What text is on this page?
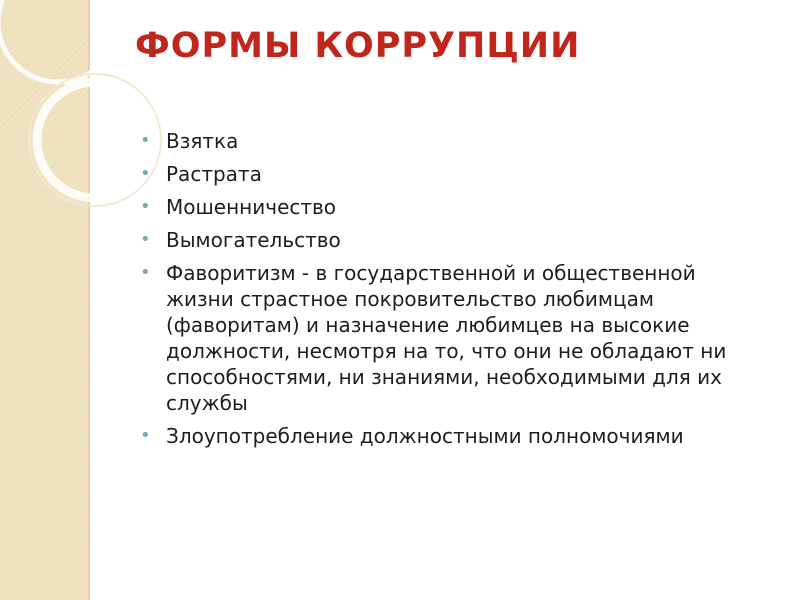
ФОРМЫ КОРРУПЦИИ
• Взятка
• Растрата
• Мошенничество
• Вымогательство
• Фаворитизм - в государственной и общественной жизни страстное покровительство любимцам (фаворитам) и назначение любимцев на высокие должности, несмотря на то, что они не обладают ни способностями, ни знаниями, необходимыми для их службы
• Злоупотребление должностными полномочиями
